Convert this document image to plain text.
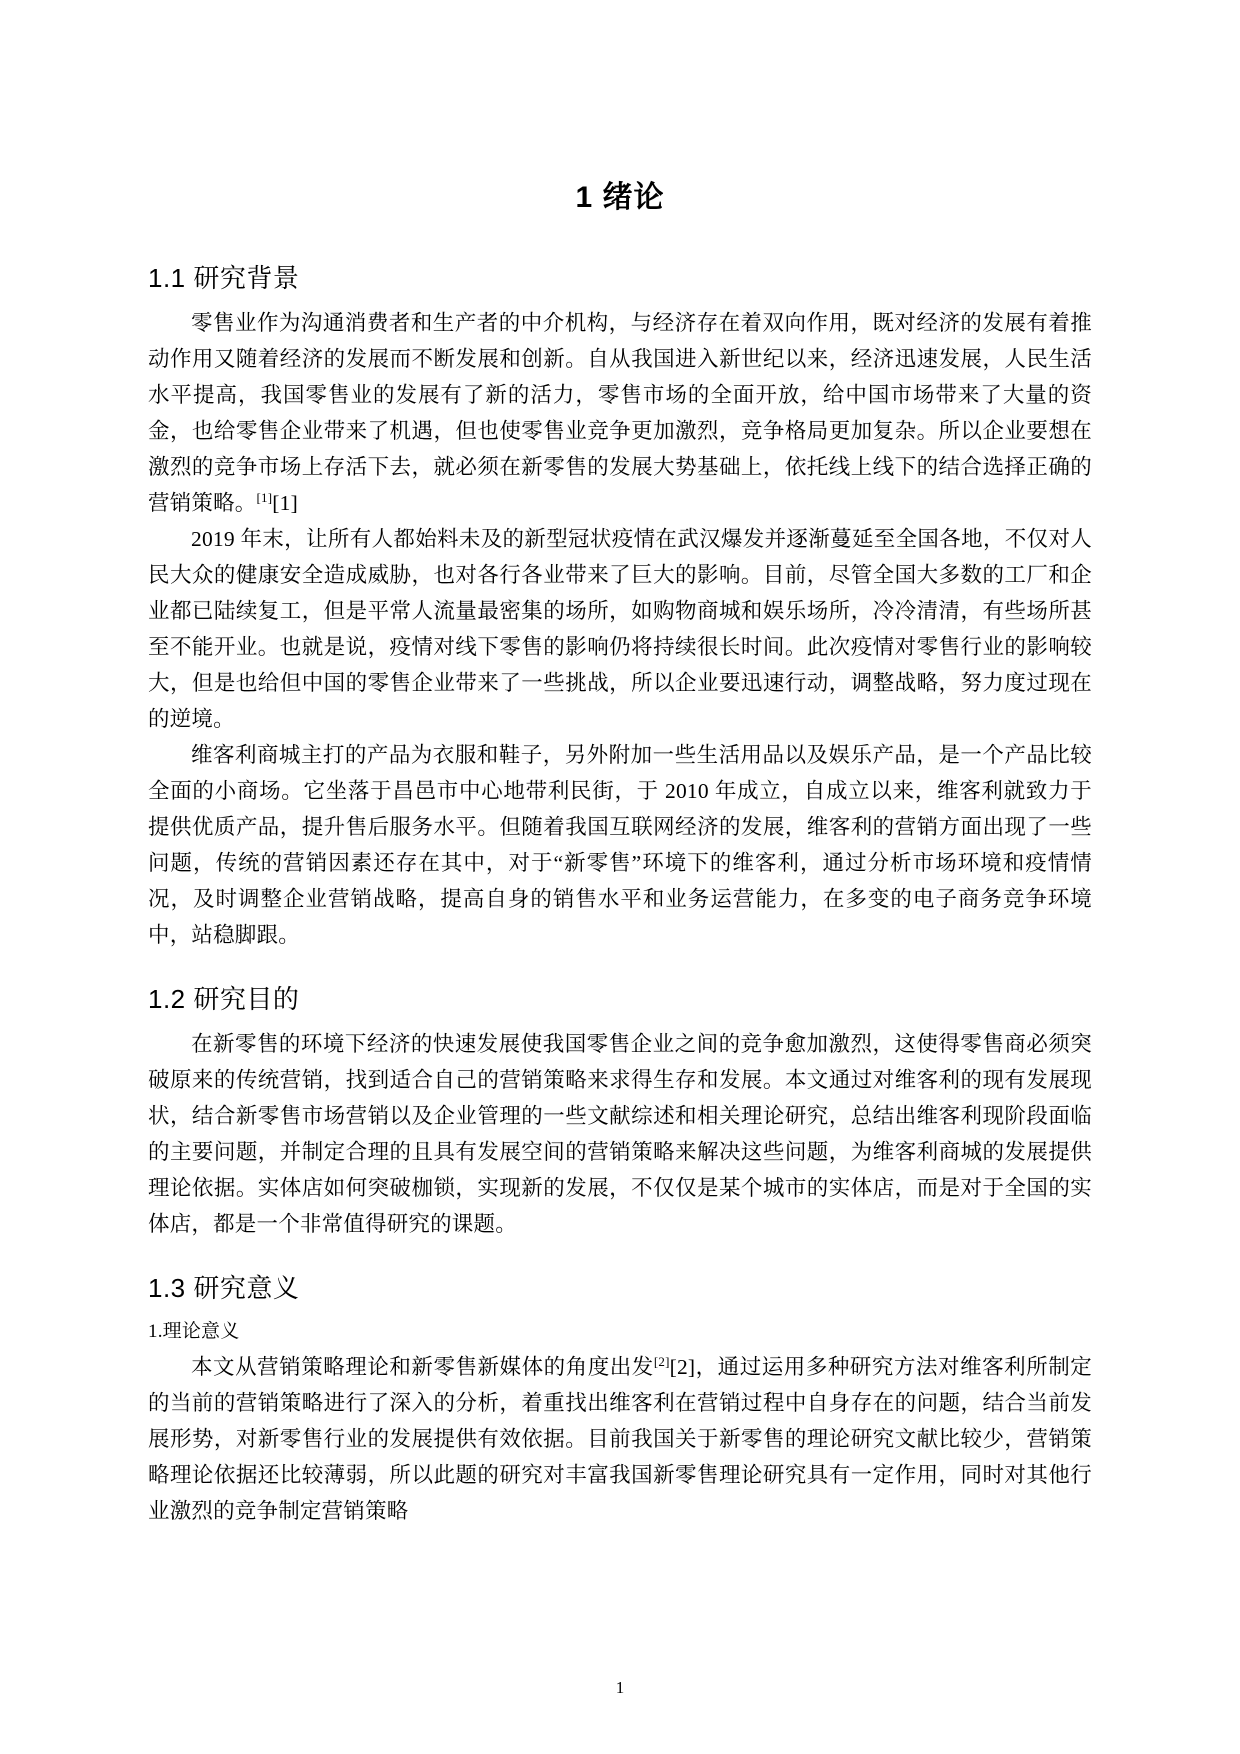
1 绪论
1.1 研究背景

零售业作为沟通消费者和生产者的中介机构，与经济存在着双向作用，既对经济的发展有着推动作用又随着经济的发展而不断发展和创新。自从我国进入新世纪以来，经济迅速发展，人民生活水平提高，我国零售业的发展有了新的活力，零售市场的全面开放，给中国市场带来了大量的资金，也给零售企业带来了机遇，但也使零售业竞争更加激烈，竞争格局更加复杂。所以企业要想在激烈的竞争市场上存活下去，就必须在新零售的发展大势基础上，依托线上线下的结合选择正确的营销策略。[1][1]

2019 年末，让所有人都始料未及的新型冠状疫情在武汉爆发并逐渐蔓延至全国各地，不仅对人民大众的健康安全造成威胁，也对各行各业带来了巨大的影响。目前，尽管全国大多数的工厂和企业都已陆续复工，但是平常人流量最密集的场所，如购物商城和娱乐场所，冷冷清清，有些场所甚至不能开业。也就是说，疫情对线下零售的影响仍将持续很长时间。此次疫情对零售行业的影响较大，但是也给但中国的零售企业带来了一些挑战，所以企业要迅速行动，调整战略，努力度过现在的逆境。

维客利商城主打的产品为衣服和鞋子，另外附加一些生活用品以及娱乐产品，是一个产品比较全面的小商场。它坐落于昌邑市中心地带利民街，于 2010 年成立，自成立以来，维客利就致力于提供优质产品，提升售后服务水平。但随着我国互联网经济的发展，维客利的营销方面出现了一些问题，传统的营销因素还存在其中，对于“新零售”环境下的维客利，通过分析市场环境和疫情情况，及时调整企业营销战略，提高自身的销售水平和业务运营能力，在多变的电子商务竞争环境中，站稳脚跟。

1.2 研究目的

在新零售的环境下经济的快速发展使我国零售企业之间的竞争愈加激烈，这使得零售商必须突破原来的传统营销，找到适合自己的营销策略来求得生存和发展。本文通过对维客利的现有发展现状，结合新零售市场营销以及企业管理的一些文献综述和相关理论研究，总结出维客利现阶段面临的主要问题，并制定合理的且具有发展空间的营销策略来解决这些问题，为维客利商城的发展提供理论依据。实体店如何突破枷锁，实现新的发展，不仅仅是某个城市的实体店，而是对于全国的实体店，都是一个非常值得研究的课题。

1.3 研究意义

1.理论意义

本文从营销策略理论和新零售新媒体的角度出发[2][2]，通过运用多种研究方法对维客利所制定的当前的营销策略进行了深入的分析，着重找出维客利在营销过程中自身存在的问题，结合当前发展形势，对新零售行业的发展提供有效依据。目前我国关于新零售的理论研究文献比较少，营销策略理论依据还比较薄弱，所以此题的研究对丰富我国新零售理论研究具有一定作用，同时对其他行业激烈的竞争制定营销策略

1
